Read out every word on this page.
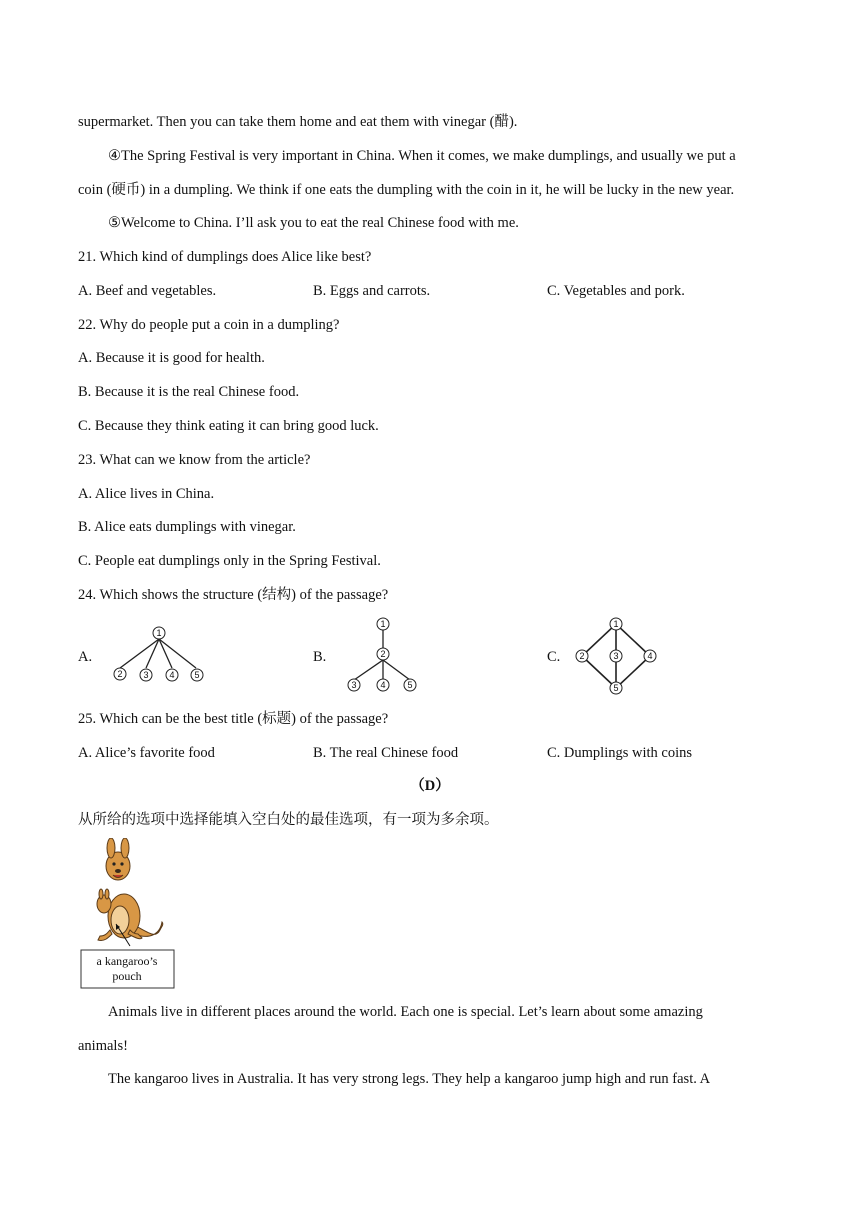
supermarket. Then you can take them home and eat them with vinegar (醋).
④The Spring Festival is very important in China. When it comes, we make dumplings, and usually we put a
coin (硬币) in a dumpling. We think if one eats the dumpling with the coin in it, he will be lucky in the new year.
⑤Welcome to China. I’ll ask you to eat the real Chinese food with me.
21. Which kind of dumplings does Alice like best?
A. Beef and vegetables.	B. Eggs and carrots.	C. Vegetables and pork.
22. Why do people put a coin in a dumpling?
A. Because it is good for health.
B. Because it is the real Chinese food.
C. Because they think eating it can bring good luck.
23. What can we know from the article?
A. Alice lives in China.
B. Alice eats dumplings with vinegar.
C. People eat dumplings only in the Spring Festival.
24. Which shows the structure (结构) of the passage?
A.	B.	C.
1
2 3 4 5
1
2
3	4 5
1
2	3	4
5
25. Which can be the best title (标题) of the passage?
A. Alice’s favorite food	B. The real Chinese food	C. Dumplings with coins
（D）
从所给的选项中选择能填入空白处的最佳选项，有一项为多余项。
a kangaroo’s
pouch
Animals live in different places around the world. Each one is special. Let’s learn about some amazing
animals!
The kangaroo lives in Australia. It has very strong legs. They help a kangaroo jump high and run fast. A
